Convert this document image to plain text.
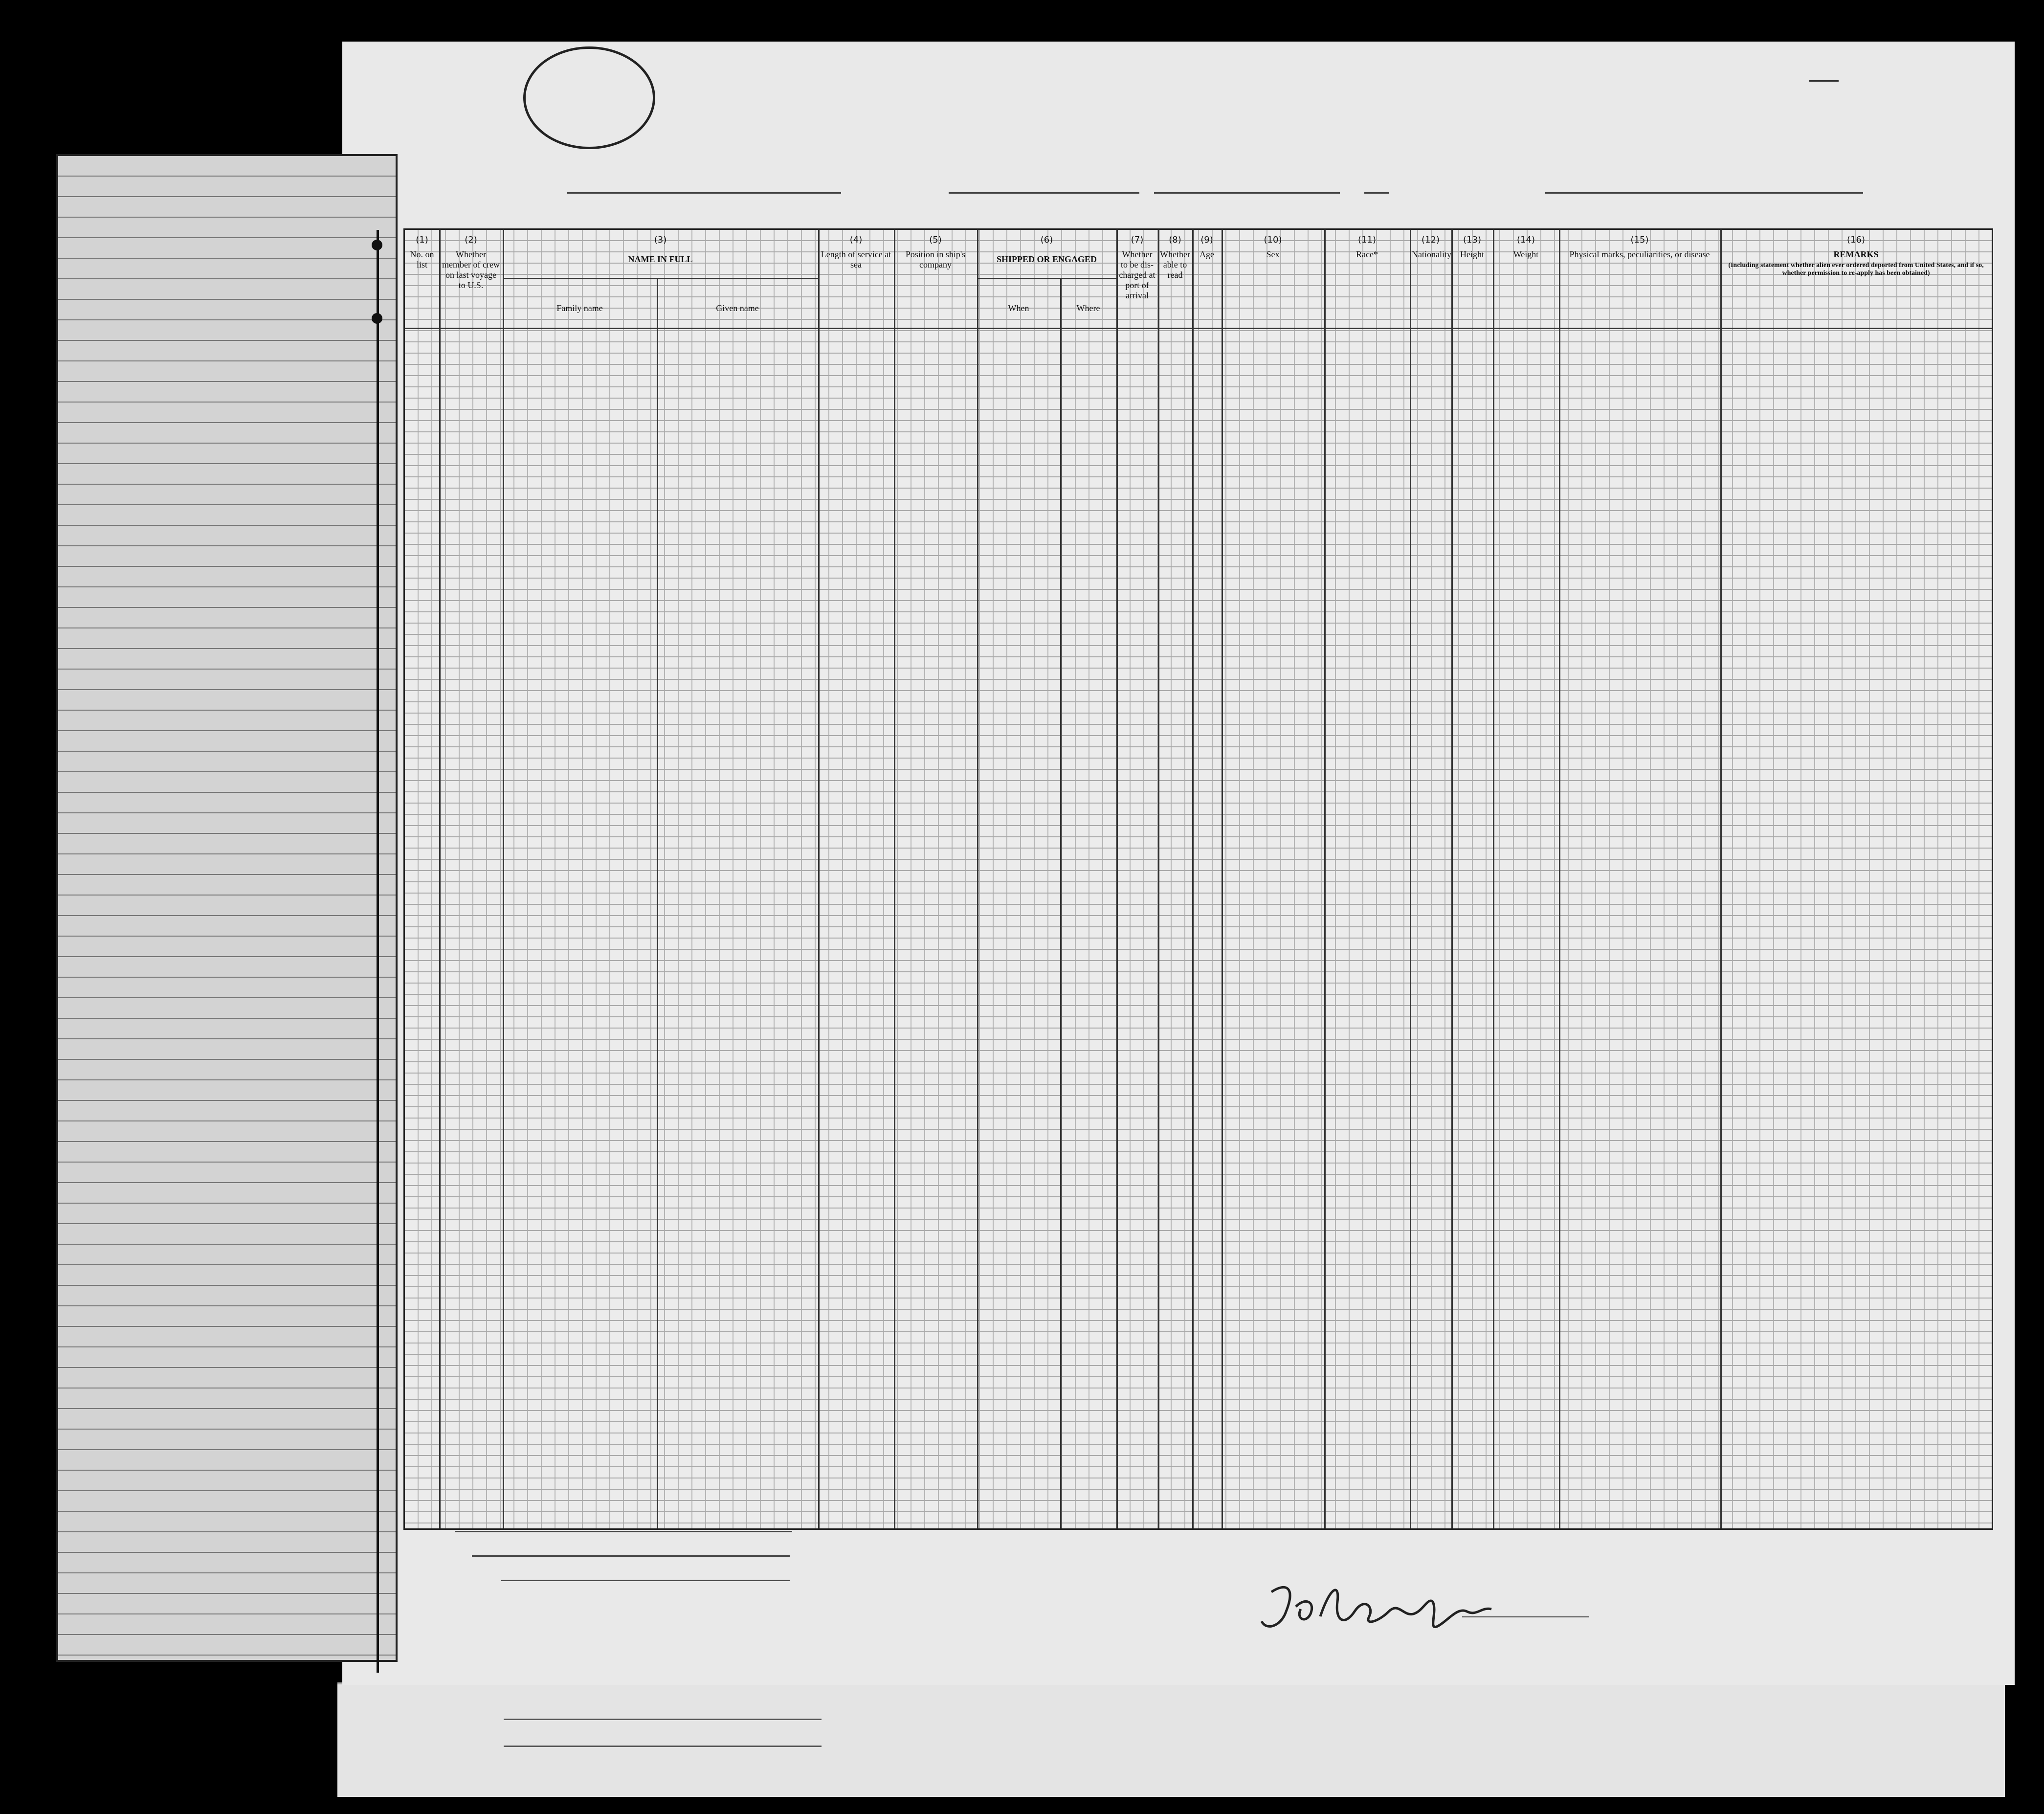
(1)
No. on list
(2)
Whether member of crew on last voyage to U.S.
(3)
NAME IN FULL
Family name	Given name
(4)
Length of service at sea
(5)
Position in ship's company
(6)
SHIPPED OR ENGAGED
When	Where
(7)
Whether to be dis- charged at port of arrival
(8)
Whether able to read
(9)
Age
(10)
Sex
(11)
Race*
(12)
Nationality
(13)
Height
(14)
Weight
(15)
Physical marks, peculiarities, or disease
(16)
REMARKS
(Including statement whether alien ever ordered deported from United States, and if so, whether permission to re-apply has been obtained)
